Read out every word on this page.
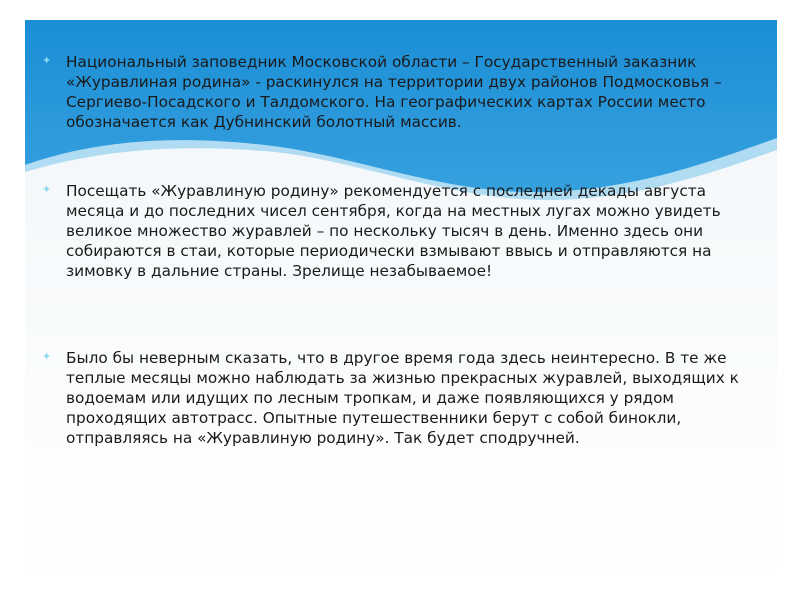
✦ Национальный заповедник Московской области – Государственный заказник «Журавлиная родина» - раскинулся на территории двух районов Подмосковья – Сергиево-Посадского и Талдомского. На географических картах России место обозначается как Дубнинский болотный массив.

✦ Посещать «Журавлиную родину» рекомендуется с последней декады августа месяца и до последних чисел сентября, когда на местных лугах можно увидеть великое множество журавлей – по нескольку тысяч в день. Именно здесь они собираются в стаи, которые периодически взмывают ввысь и отправляются на зимовку в дальние страны. Зрелище незабываемое!

✦ Было бы неверным сказать, что в другое время года здесь неинтересно. В те же теплые месяцы можно наблюдать за жизнью прекрасных журавлей, выходящих к водоемам или идущих по лесным тропкам, и даже появляющихся у рядом проходящих автотрасс. Опытные путешественники берут с собой бинокли, отправляясь на «Журавлиную родину». Так будет сподручней.
